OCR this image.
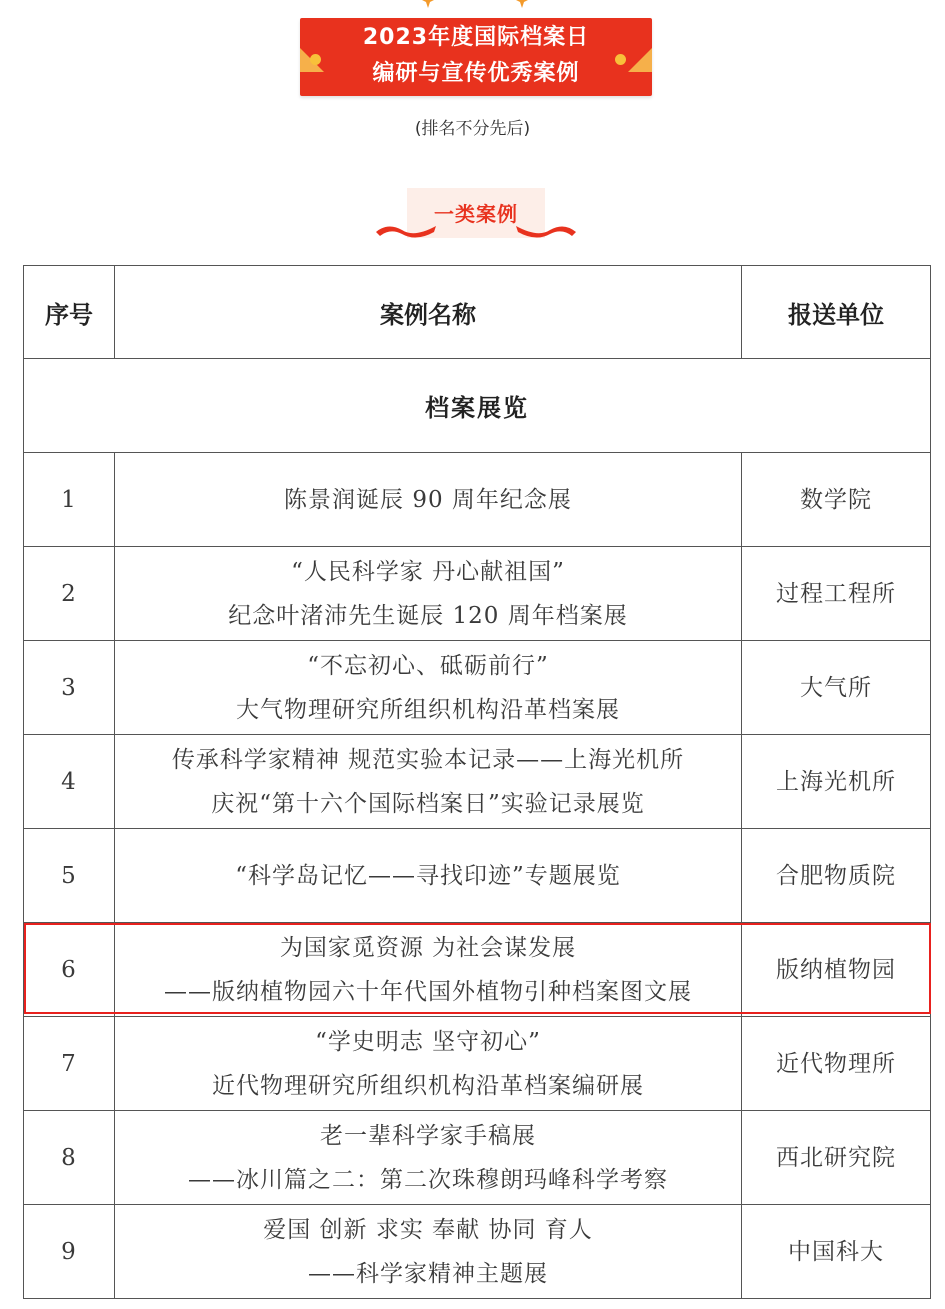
2023年度国际档案日
编研与宣传优秀案例
(排名不分先后)
一类案例
序号	案例名称	报送单位
档案展览		
1	陈景润诞辰 90 周年纪念展	数学院
2	“人民科学家 丹心献祖国”
纪念叶渚沛先生诞辰 120 周年档案展	过程工程所
3	“不忘初心、砥砺前行”
大气物理研究所组织机构沿革档案展	大气所
4	传承科学家精神 规范实验本记录——上海光机所
庆祝“第十六个国际档案日”实验记录展览	上海光机所
5	“科学岛记忆——寻找印迹”专题展览	合肥物质院
6	为国家觅资源 为社会谋发展
——版纳植物园六十年代国外植物引种档案图文展	版纳植物园
7	“学史明志 坚守初心”
近代物理研究所组织机构沿革档案编研展	近代物理所
8	老一辈科学家手稿展
——冰川篇之二：第二次珠穆朗玛峰科学考察	西北研究院
9	爱国 创新 求实 奉献 协同 育人
——科学家精神主题展	中国科大
